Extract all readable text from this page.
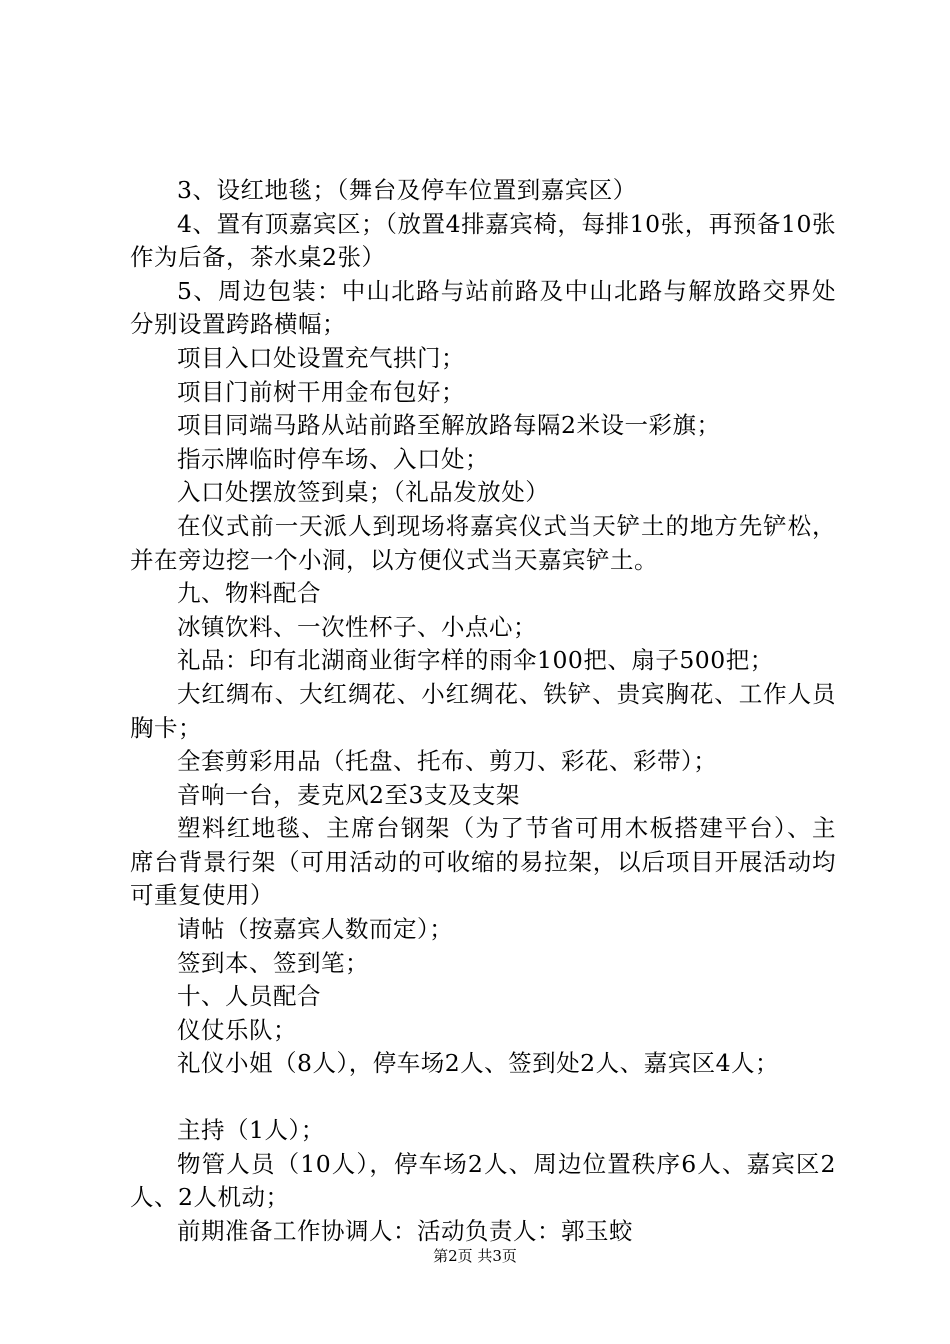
3、设红地毯；（舞台及停车位置到嘉宾区）

4、置有顶嘉宾区；（放置4排嘉宾椅，每排10张，再预备10张作为后备，茶水桌2张）

5、周边包装：中山北路与站前路及中山北路与解放路交界处分别设置跨路横幅；

项目入口处设置充气拱门；

项目门前树干用金布包好；

项目同端马路从站前路至解放路每隔2米设一彩旗；

指示牌临时停车场、入口处；

入口处摆放签到桌；（礼品发放处）

在仪式前一天派人到现场将嘉宾仪式当天铲土的地方先铲松，并在旁边挖一个小洞，以方便仪式当天嘉宾铲土。

九、物料配合

冰镇饮料、一次性杯子、小点心；

礼品：印有北湖商业街字样的雨伞100把、扇子500把；

大红绸布、大红绸花、小红绸花、铁铲、贵宾胸花、工作人员胸卡；

全套剪彩用品（托盘、托布、剪刀、彩花、彩带）；

音响一台，麦克风2至3支及支架

塑料红地毯、主席台钢架（为了节省可用木板搭建平台）、主席台背景行架（可用活动的可收缩的易拉架，以后项目开展活动均可重复使用）

请帖（按嘉宾人数而定）；

签到本、签到笔；

十、人员配合

仪仗乐队；

礼仪小姐（8人），停车场2人、签到处2人、嘉宾区4人；

主持（1人）；

物管人员（10人），停车场2人、周边位置秩序6人、嘉宾区2人、2人机动；

前期准备工作协调人：活动负责人：郭玉蛟

第2页 共3页
